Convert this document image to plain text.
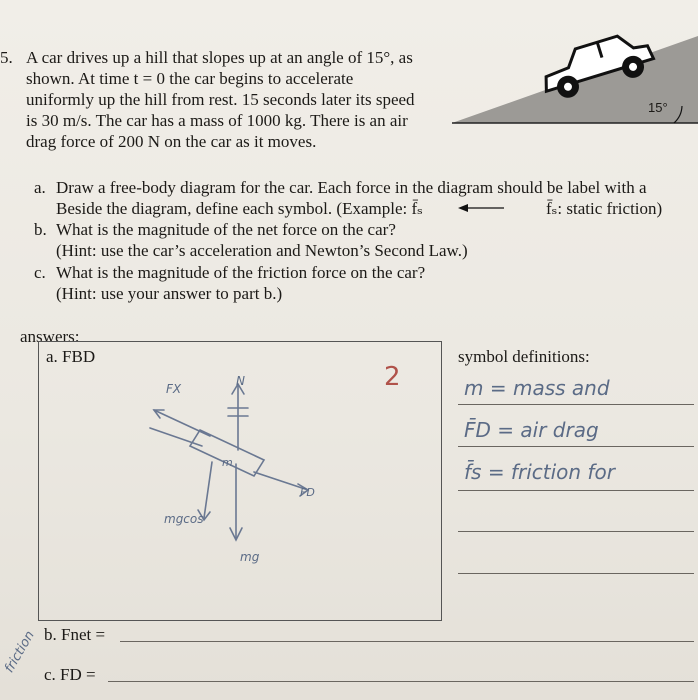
5. A car drives up a hill that slopes up at an angle of 15°, as
shown. At time t = 0 the car begins to accelerate
uniformly up the hill from rest. 15 seconds later its speed
is 30 m/s. The car has a mass of 1000 kg. There is an air
drag force of 200 N on the car as it moves.
15°
a. Draw a free-body diagram for the car. Each force in the diagram should be label with a
Beside the diagram, define each symbol. (Example: f̄ₛ	f̄ₛ: static friction)
b. What is the magnitude of the net force on the car?
(Hint: use the car’s acceleration and Newton’s Second Law.)
c. What is the magnitude of the friction force on the car?
(Hint: use your answer to part b.)
answers:
a. FBD	symbol definitions:
FX
N
m
mgcos
mg
FD
2	m = mass and
F̄D = air drag
f̄s = friction for
b. Fnet =
c. FD =
friction
